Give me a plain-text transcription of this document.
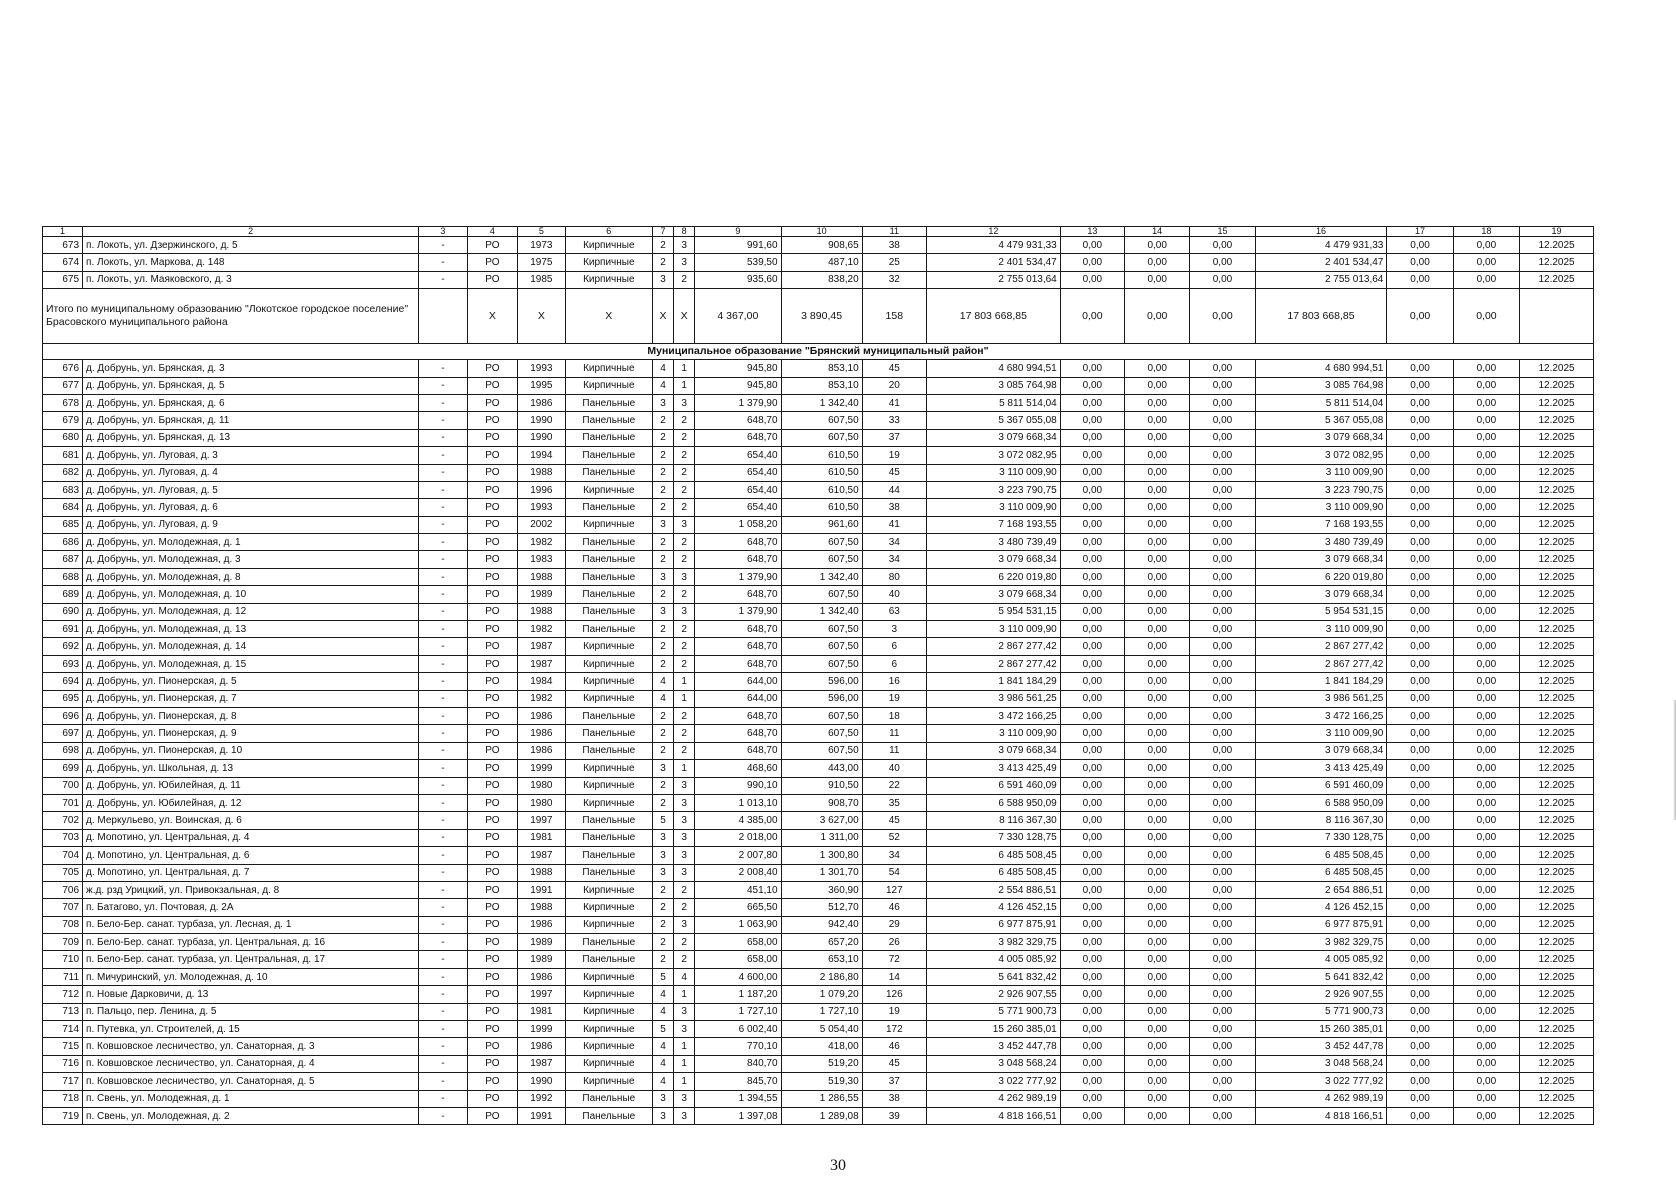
1	2	3	4	5	6	7	8	9	10	11	12	13	14	15	16	17	18	19
673	п. Локоть, ул. Дзержинского, д. 5	-	РО	1973	Кирпичные	2	3	991,60	908,65	38	4 479 931,33	0,00	0,00	0,00	4 479 931,33	0,00	0,00	12.2025
674	п. Локоть, ул. Маркова, д. 148	-	РО	1975	Кирпичные	2	3	539,50	487,10	25	2 401 534,47	0,00	0,00	0,00	2 401 534,47	0,00	0,00	12.2025
675	п. Локоть, ул. Маяковского, д. 3	-	РО	1985	Кирпичные	3	2	935,60	838,20	32	2 755 013,64	0,00	0,00	0,00	2 755 013,64	0,00	0,00	12.2025
Итого по муниципальному образованию "Локотское городское поселение" Брасовского муниципального района			X	X	X	X	X	4 367,00	3 890,45	158	17 803 668,85	0,00	0,00	0,00	17 803 668,85	0,00	0,00	
Муниципальное образование "Брянский муниципальный район"																		
676	д. Добрунь, ул. Брянская, д. 3	-	РО	1993	Кирпичные	4	1	945,80	853,10	45	4 680 994,51	0,00	0,00	0,00	4 680 994,51	0,00	0,00	12.2025
677	д. Добрунь, ул. Брянская, д. 5	-	РО	1995	Кирпичные	4	1	945,80	853,10	20	3 085 764,98	0,00	0,00	0,00	3 085 764,98	0,00	0,00	12.2025
678	д. Добрунь, ул. Брянская, д. 6	-	РО	1986	Панельные	3	3	1 379,90	1 342,40	41	5 811 514,04	0,00	0,00	0,00	5 811 514,04	0,00	0,00	12.2025
679	д. Добрунь, ул. Брянская, д. 11	-	РО	1990	Панельные	2	2	648,70	607,50	33	5 367 055,08	0,00	0,00	0,00	5 367 055,08	0,00	0,00	12.2025
680	д. Добрунь, ул. Брянская, д. 13	-	РО	1990	Панельные	2	2	648,70	607,50	37	3 079 668,34	0,00	0,00	0,00	3 079 668,34	0,00	0,00	12.2025
681	д. Добрунь, ул. Луговая, д. 3	-	РО	1994	Панельные	2	2	654,40	610,50	19	3 072 082,95	0,00	0,00	0,00	3 072 082,95	0,00	0,00	12.2025
682	д. Добрунь, ул. Луговая, д. 4	-	РО	1988	Панельные	2	2	654,40	610,50	45	3 110 009,90	0,00	0,00	0,00	3 110 009,90	0,00	0,00	12.2025
683	д. Добрунь, ул. Луговая, д. 5	-	РО	1996	Кирпичные	2	2	654,40	610,50	44	3 223 790,75	0,00	0,00	0,00	3 223 790,75	0,00	0,00	12.2025
684	д. Добрунь, ул. Луговая, д. 6	-	РО	1993	Панельные	2	2	654,40	610,50	38	3 110 009,90	0,00	0,00	0,00	3 110 009,90	0,00	0,00	12.2025
685	д. Добрунь, ул. Луговая, д. 9	-	РО	2002	Кирпичные	3	3	1 058,20	961,60	41	7 168 193,55	0,00	0,00	0,00	7 168 193,55	0,00	0,00	12.2025
686	д. Добрунь, ул. Молодежная, д. 1	-	РО	1982	Панельные	2	2	648,70	607,50	34	3 480 739,49	0,00	0,00	0,00	3 480 739,49	0,00	0,00	12.2025
687	д. Добрунь, ул. Молодежная, д. 3	-	РО	1983	Панельные	2	2	648,70	607,50	34	3 079 668,34	0,00	0,00	0,00	3 079 668,34	0,00	0,00	12.2025
688	д. Добрунь, ул. Молодежная, д. 8	-	РО	1988	Панельные	3	3	1 379,90	1 342,40	80	6 220 019,80	0,00	0,00	0,00	6 220 019,80	0,00	0,00	12.2025
689	д. Добрунь, ул. Молодежная, д. 10	-	РО	1989	Панельные	2	2	648,70	607,50	40	3 079 668,34	0,00	0,00	0,00	3 079 668,34	0,00	0,00	12.2025
690	д. Добрунь, ул. Молодежная, д. 12	-	РО	1988	Панельные	3	3	1 379,90	1 342,40	63	5 954 531,15	0,00	0,00	0,00	5 954 531,15	0,00	0,00	12.2025
691	д. Добрунь, ул. Молодежная, д. 13	-	РО	1982	Панельные	2	2	648,70	607,50	3	3 110 009,90	0,00	0,00	0,00	3 110 009,90	0,00	0,00	12.2025
692	д. Добрунь, ул. Молодежная, д. 14	-	РО	1987	Кирпичные	2	2	648,70	607,50	6	2 867 277,42	0,00	0,00	0,00	2 867 277,42	0,00	0,00	12.2025
693	д. Добрунь, ул. Молодежная, д. 15	-	РО	1987	Кирпичные	2	2	648,70	607,50	6	2 867 277,42	0,00	0,00	0,00	2 867 277,42	0,00	0,00	12.2025
694	д. Добрунь, ул. Пионерская, д. 5	-	РО	1984	Кирпичные	4	1	644,00	596,00	16	1 841 184,29	0,00	0,00	0,00	1 841 184,29	0,00	0,00	12.2025
695	д. Добрунь, ул. Пионерская, д. 7	-	РО	1982	Кирпичные	4	1	644,00	596,00	19	3 986 561,25	0,00	0,00	0,00	3 986 561,25	0,00	0,00	12.2025
696	д. Добрунь, ул. Пионерская, д. 8	-	РО	1986	Панельные	2	2	648,70	607,50	18	3 472 166,25	0,00	0,00	0,00	3 472 166,25	0,00	0,00	12.2025
697	д. Добрунь, ул. Пионерская, д. 9	-	РО	1986	Панельные	2	2	648,70	607,50	11	3 110 009,90	0,00	0,00	0,00	3 110 009,90	0,00	0,00	12.2025
698	д. Добрунь, ул. Пионерская, д. 10	-	РО	1986	Панельные	2	2	648,70	607,50	11	3 079 668,34	0,00	0,00	0,00	3 079 668,34	0,00	0,00	12.2025
699	д. Добрунь, ул. Школьная, д. 13	-	РО	1999	Кирпичные	3	1	468,60	443,00	40	3 413 425,49	0,00	0,00	0,00	3 413 425,49	0,00	0,00	12.2025
700	д. Добрунь, ул. Юбилейная, д. 11	-	РО	1980	Кирпичные	2	3	990,10	910,50	22	6 591 460,09	0,00	0,00	0,00	6 591 460,09	0,00	0,00	12.2025
701	д. Добрунь, ул. Юбилейная, д. 12	-	РО	1980	Кирпичные	2	3	1 013,10	908,70	35	6 588 950,09	0,00	0,00	0,00	6 588 950,09	0,00	0,00	12.2025
702	д. Меркульево, ул. Воинская, д. 6	-	РО	1997	Панельные	5	3	4 385,00	3 627,00	45	8 116 367,30	0,00	0,00	0,00	8 116 367,30	0,00	0,00	12.2025
703	д. Мопотино, ул. Центральная, д. 4	-	РО	1981	Панельные	3	3	2 018,00	1 311,00	52	7 330 128,75	0,00	0,00	0,00	7 330 128,75	0,00	0,00	12.2025
704	д. Мопотино, ул. Центральная, д. 6	-	РО	1987	Панельные	3	3	2 007,80	1 300,80	34	6 485 508,45	0,00	0,00	0,00	6 485 508,45	0,00	0,00	12.2025
705	д. Мопотино, ул. Центральная, д. 7	-	РО	1988	Панельные	3	3	2 008,40	1 301,70	54	6 485 508,45	0,00	0,00	0,00	6 485 508,45	0,00	0,00	12.2025
706	ж.д. рзд Урицкий, ул. Привокзальная, д. 8	-	РО	1991	Кирпичные	2	2	451,10	360,90	127	2 554 886,51	0,00	0,00	0,00	2 654 886,51	0,00	0,00	12.2025
707	п. Батагово, ул. Почтовая, д. 2А	-	РО	1988	Кирпичные	2	2	665,50	512,70	46	4 126 452,15	0,00	0,00	0,00	4 126 452,15	0,00	0,00	12.2025
708	п. Бело-Бер. санат. турбаза, ул. Лесная, д. 1	-	РО	1986	Кирпичные	2	3	1 063,90	942,40	29	6 977 875,91	0,00	0,00	0,00	6 977 875,91	0,00	0,00	12.2025
709	п. Бело-Бер. санат. турбаза, ул. Центральная, д. 16	-	РО	1989	Панельные	2	2	658,00	657,20	26	3 982 329,75	0,00	0,00	0,00	3 982 329,75	0,00	0,00	12.2025
710	п. Бело-Бер. санат. турбаза, ул. Центральная, д. 17	-	РО	1989	Панельные	2	2	658,00	653,10	72	4 005 085,92	0,00	0,00	0,00	4 005 085,92	0,00	0,00	12.2025
711	п. Мичуринский, ул. Молодежная, д. 10	-	РО	1986	Кирпичные	5	4	4 600,00	2 186,80	14	5 641 832,42	0,00	0,00	0,00	5 641 832,42	0,00	0,00	12.2025
712	п. Новые Дарковичи, д. 13	-	РО	1997	Кирпичные	4	1	1 187,20	1 079,20	126	2 926 907,55	0,00	0,00	0,00	2 926 907,55	0,00	0,00	12.2025
713	п. Пальцо, пер. Ленина, д. 5	-	РО	1981	Кирпичные	4	3	1 727,10	1 727,10	19	5 771 900,73	0,00	0,00	0,00	5 771 900,73	0,00	0,00	12.2025
714	п. Путевка, ул. Строителей, д. 15	-	РО	1999	Кирпичные	5	3	6 002,40	5 054,40	172	15 260 385,01	0,00	0,00	0,00	15 260 385,01	0,00	0,00	12.2025
715	п. Ковшовское лесничество, ул. Санаторная, д. 3	-	РО	1986	Кирпичные	4	1	770,10	418,00	46	3 452 447,78	0,00	0,00	0,00	3 452 447,78	0,00	0,00	12.2025
716	п. Ковшовское лесничество, ул. Санаторная, д. 4	-	РО	1987	Кирпичные	4	1	840,70	519,20	45	3 048 568,24	0,00	0,00	0,00	3 048 568,24	0,00	0,00	12.2025
717	п. Ковшовское лесничество, ул. Санаторная, д. 5	-	РО	1990	Кирпичные	4	1	845,70	519,30	37	3 022 777,92	0,00	0,00	0,00	3 022 777,92	0,00	0,00	12.2025
718	п. Свень, ул. Молодежная, д. 1	-	РО	1992	Панельные	3	3	1 394,55	1 286,55	38	4 262 989,19	0,00	0,00	0,00	4 262 989,19	0,00	0,00	12.2025
719	п. Свень, ул. Молодежная, д. 2	-	РО	1991	Панельные	3	3	1 397,08	1 289,08	39	4 818 166,51	0,00	0,00	0,00	4 818 166,51	0,00	0,00	12.2025
30
